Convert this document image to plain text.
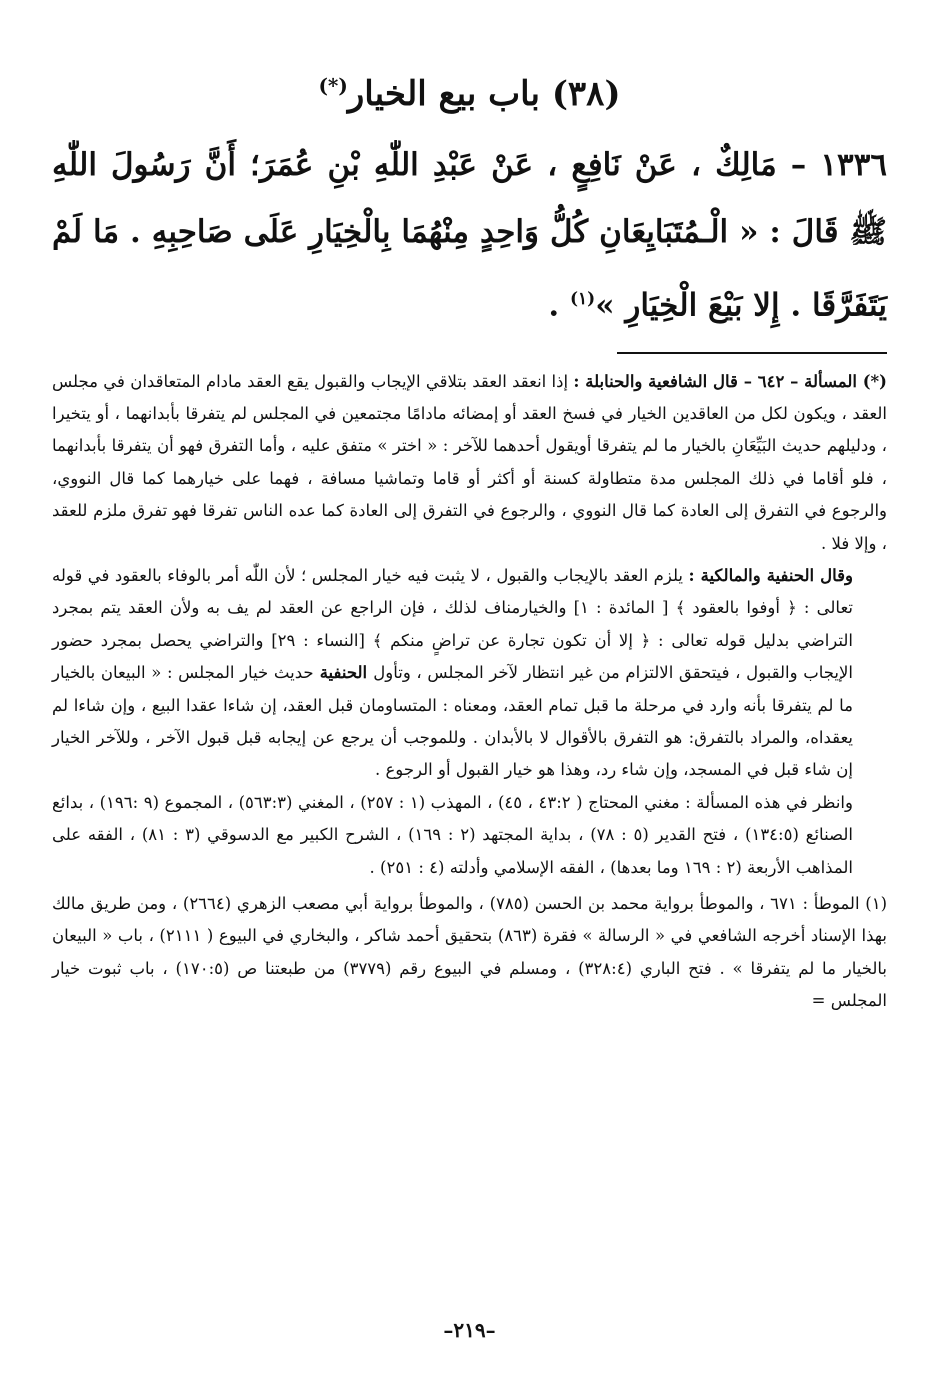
(٣٨) باب بيع الخيار(*)

١٣٣٦ – مَالِكٌ ، عَنْ نَافِعٍ ، عَنْ عَبْدِ اللّٰهِ بْنِ عُمَرَ؛ أَنَّ رَسُولَ اللّٰهِ ﷺ قَالَ : « الْـمُتَبَايِعَانِ كُلُّ وَاحِدٍ مِنْهُمَا بِالْخِيَارِ عَلَى صَاحِبِهِ . مَا لَمْ يَتَفَرَّقَا . إِلا بَيْعَ الْخِيَارِ »$^{(١)}$ .

(*) المسألة – ٦٤٢ – قال الشافعية والحنابلة : إذا انعقد العقد بتلاقي الإيجاب والقبول يقع العقد مادام المتعاقدان في مجلس العقد ، ويكون لكل من العاقدين الخيار في فسخ العقد أو إمضائه مادامًا مجتمعين في المجلس لم يتفرقا بأبدانهما ، أو يتخيرا ، ودليلهم حديث البَيِّعَانِ بالخيار ما لم يتفرقا أويقول أحدهما للآخر : « اختر » متفق عليه ، وأما التفرق فهو أن يتفرقا بأبدانهما ، فلو أقاما في ذلك المجلس مدة متطاولة كسنة أو أكثر أو قاما وتماشيا مسافة ، فهما على خيارهما كما قال النووي، والرجوع في التفرق إلى العادة كما قال النووي ، والرجوع في التفرق إلى العادة كما عده الناس تفرقا فهو تفرق ملزم للعقد ، وإلا فلا .

وقال الحنفية والمالكية : يلزم العقد بالإيجاب والقبول ، لا يثبت فيه خيار المجلس ؛ لأن اللّٰه أمر بالوفاء بالعقود في قوله تعالى : ﴿ أوفوا بالعقود ﴾ [ المائدة : ١] والخيارمناف لذلك ، فإن الراجع عن العقد لم يف به ولأن العقد يتم بمجرد التراضي بدليل قوله تعالى : ﴿ إلا أن تكون تجارة عن تراضٍ منكم ﴾ [النساء : ٢٩] والتراضي يحصل بمجرد حضور الإيجاب والقبول ، فيتحقق الالتزام من غير انتظار لآخر المجلس ، وتأول الحنفية حديث خيار المجلس : « البيعان بالخيار ما لم يتفرقا بأنه وارد في مرحلة ما قبل تمام العقد، ومعناه : المتساومان قبل العقد، إن شاءا عقدا البيع ، وإن شاءا لم يعقداه، والمراد بالتفرق: هو التفرق بالأقوال لا بالأبدان . وللموجب أن يرجع عن إيجابه قبل قبول الآخر ، وللآخر الخيار إن شاء قبل في المسجد، وإن شاء رد، وهذا هو خيار القبول أو الرجوع .

وانظر في هذه المسألة : مغني المحتاج ( ٤٣:٢ ، ٤٥) ، المهذب (١ : ٢٥٧) ، المغني (٥٦٣:٣) ، المجموع (٩ :١٩٦) ، بدائع الصنائع (١٣٤:٥) ، فتح القدير (٥ : ٧٨) ، بداية المجتهد (٢ : ١٦٩) ، الشرح الكبير مع الدسوقي (٣ : ٨١) ، الفقه على المذاهب الأربعة (٢ : ١٦٩ وما بعدها) ، الفقه الإسلامي وأدلته (٤ : ٢٥١) .

(١) الموطأ : ٦٧١ ، والموطأ برواية محمد بن الحسن (٧٨٥) ، والموطأ برواية أبي مصعب الزهري (٢٦٦٤) ، ومن طريق مالك بهذا الإسناد أخرجه الشافعي في « الرسالة » فقرة (٨٦٣) بتحقيق أحمد شاكر ، والبخاري في البيوع ( ٢١١١) ، باب « البيعان بالخيار ما لم يتفرقا » . فتح الباري (٣٢٨:٤) ، ومسلم في البيوع رقم (٣٧٧٩) من طبعتنا ص (١٧٠:٥) ، باب ثبوت خيار المجلس =

–٢١٩–
